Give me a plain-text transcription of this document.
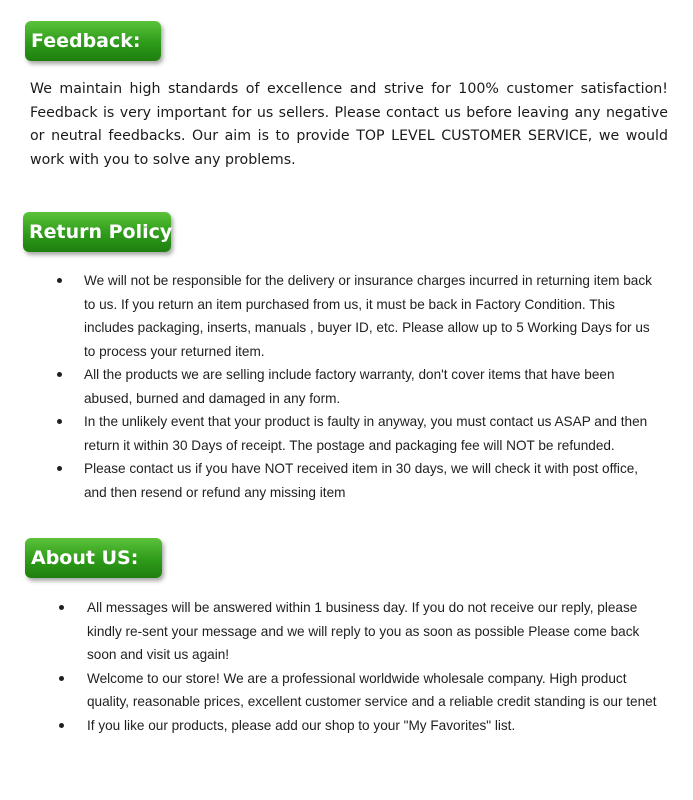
Feedback:

We maintain high standards of excellence and strive for 100% customer satisfaction! Feedback is very important for us sellers. Please contact us before leaving any negative or neutral feedbacks. Our aim is to provide TOP LEVEL CUSTOMER SERVICE, we would work with you to solve any problems.

Return Policy
We will not be responsible for the delivery or insurance charges incurred in returning item back to us. If you return an item purchased from us, it must be back in Factory Condition. This includes packaging, inserts, manuals , buyer ID, etc. Please allow up to 5 Working Days for us to process your returned item.
All the products we are selling include factory warranty, don't cover items that have been abused, burned and damaged in any form.
In the unlikely event that your product is faulty in anyway, you must contact us ASAP and then return it within 30 Days of receipt. The postage and packaging fee will NOT be refunded.
Please contact us if you have NOT received item in 30 days, we will check it with post office, and then resend or refund any missing item
About US:
All messages will be answered within 1 business day. If you do not receive our reply, please kindly re-sent your message and we will reply to you as soon as possible Please come back soon and visit us again!
Welcome to our store! We are a professional worldwide wholesale company. High product quality, reasonable prices, excellent customer service and a reliable credit standing is our tenet
If you like our products, please add our shop to your "My Favorites" list.
